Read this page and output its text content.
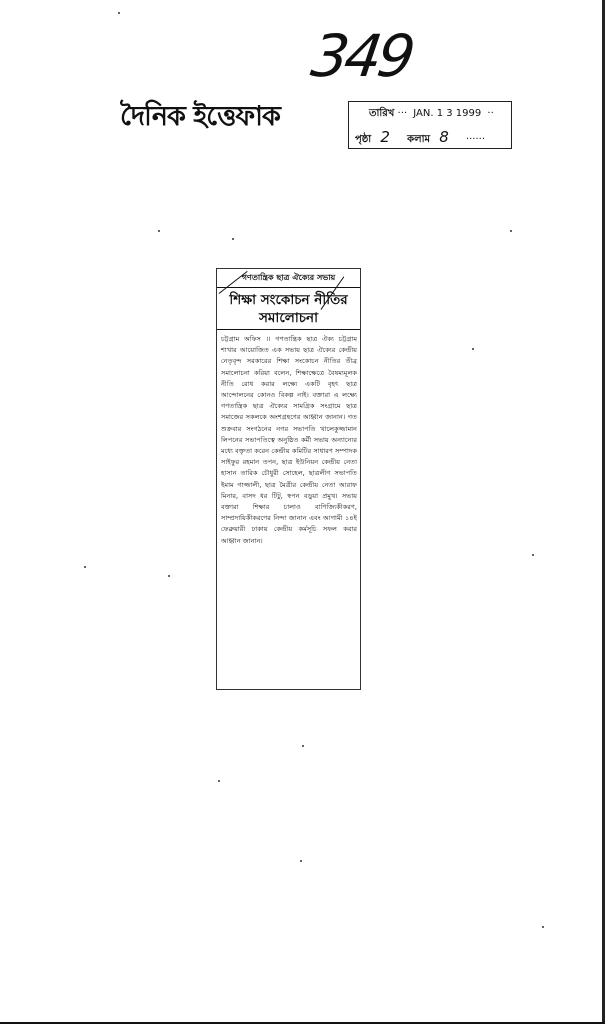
349
দৈনিক ইত্তেফাক	তারিখ ··· JAN. 1 3 1999 ··
পৃষ্ঠা 2 কলাম 8 ······
গণতান্ত্রিক ছাত্র ঐক্যের সভায়
শিক্ষা সংকোচন নীতির
সমালোচনা

চট্টগ্রাম অফিস ।। গণতান্ত্রিক ছাত্র ঐক্য চট্টগ্রাম শাখার আয়োজিত এক সভায় ছাত্র ঐক্যের কেন্দ্রীয় নেতৃবৃন্দ সরকারের শিক্ষা সংকোচন নীতির তীব্র সমালোচনা করিয়া বলেন, শিক্ষাক্ষেত্রে বৈষম্যমূলক নীতি রোধ করার লক্ষ্যে একটি বৃহৎ ছাত্র আন্দোলনের কোনও বিকল্প নাই। বক্তারা এ লক্ষ্যে গণতান্ত্রিক ছাত্র ঐক্যের সামগ্রিক সংগ্রামে ছাত্র সমাজের সকলকে অংশগ্রহণের আহ্বান জানান। গত শুক্রবার সংগঠনের নগর সভাপতি খালেকুজ্জামান লিপনের সভাপতিত্বে অনুষ্ঠিত কর্মী সভায় অন্যান্যের মধ্যে বক্তৃতা করেন কেন্দ্রীয় কমিটির সাধারণ সম্পাদক সাইফুর রহমান তপন, ছাত্র ইউনিয়ন কেন্দ্রীয় নেতা হাসান তারিক চৌধুরী সোহেল, ছাত্রলীগ সভাপতি ইমাম গাজ্জালী, ছাত্র মৈত্রীর কেন্দ্রীয় নেতা আরাফ মিনার, বাসদ ধর টিটু, স্বপন বড়ুয়া প্রমুখ। সভায় বক্তারা শিক্ষার চালাও বাণিজ্যিকীকরণ, সাম্প্রদায়িকীকরণের নিন্দা জানান এবং আগামী ১৪ই ফেব্রুয়ারী ঢাকায় কেন্দ্রীয় কর্মসূচি সফল করার আহ্বান জানান।
